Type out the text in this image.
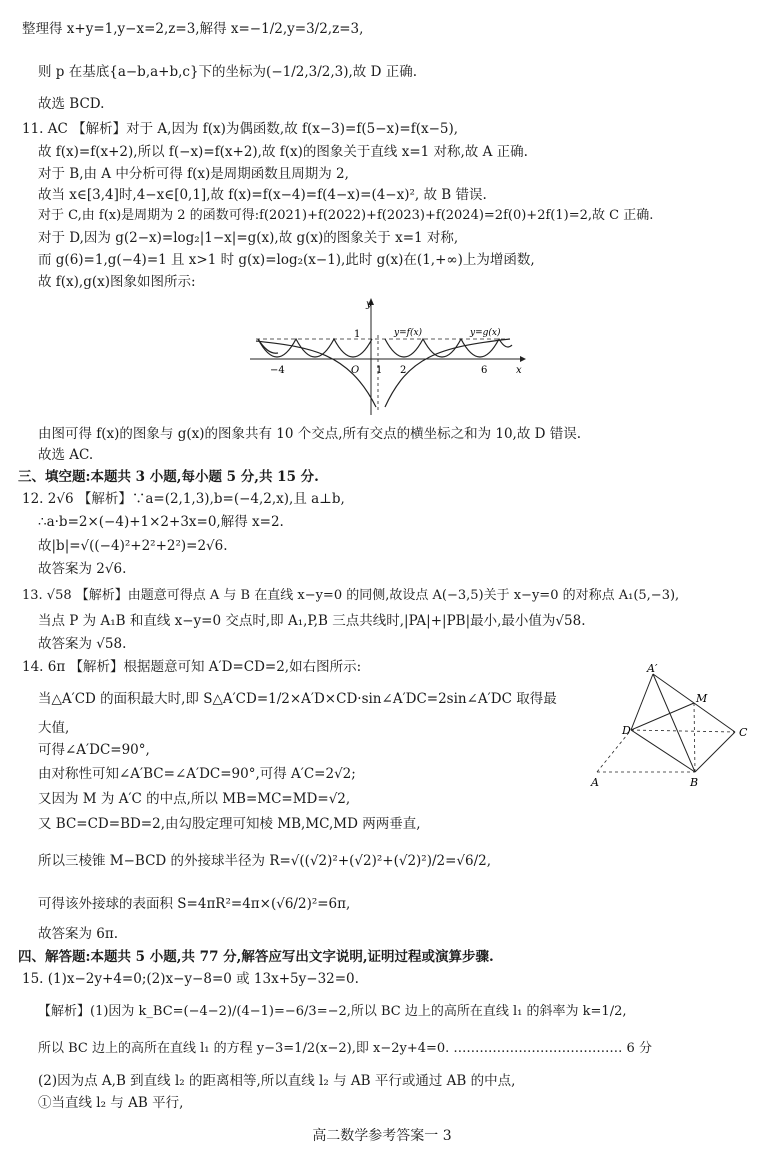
整理得 x+y=1,y−x=2,z=3,解得 x=−1/2,y=3/2,z=3,
则 p 在基底{a−b,a+b,c}下的坐标为(−1/2,3/2,3),故 D 正确.
故选 BCD.
11. AC 【解析】对于 A,因为 f(x)为偶函数,故 f(x−3)=f(5−x)=f(x−5),
故 f(x)=f(x+2),所以 f(−x)=f(x+2),故 f(x)的图象关于直线 x=1 对称,故 A 正确.
对于 B,由 A 中分析可得 f(x)是周期函数且周期为 2,
故当 x∈[3,4]时,4−x∈[0,1],故 f(x)=f(x−4)=f(4−x)=(4−x)², 故 B 错误.
对于 C,由 f(x)是周期为 2 的函数可得:f(2021)+f(2022)+f(2023)+f(2024)=2f(0)+2f(1)=2,故 C 正确.
对于 D,因为 g(2−x)=log₂|1−x|=g(x),故 g(x)的图象关于 x=1 对称,
而 g(6)=1,g(−4)=1 且 x>1 时 g(x)=log₂(x−1),此时 g(x)在(1,+∞)上为增函数,
故 f(x),g(x)图象如图所示:
y
x
y=f(x)	y=g(x)
1
O
−4	1 2	6
由图可得 f(x)的图象与 g(x)的图象共有 10 个交点,所有交点的横坐标之和为 10,故 D 错误.
故选 AC.
三、填空题:本题共 3 小题,每小题 5 分,共 15 分.
12. 2√6 【解析】∵a=(2,1,3),b=(−4,2,x),且 a⊥b,
∴a·b=2×(−4)+1×2+3x=0,解得 x=2.
故|b|=√((−4)²+2²+2²)=2√6.
故答案为 2√6.
13. √58 【解析】由题意可得点 A 与 B 在直线 x−y=0 的同侧,故设点 A(−3,5)关于 x−y=0 的对称点 A₁(5,−3),
当点 P 为 A₁B 和直线 x−y=0 交点时,即 A₁,P,B 三点共线时,|PA|+|PB|最小,最小值为√58.
故答案为 √58.
14. 6π 【解析】根据题意可知 A′D=CD=2,如右图所示:
当△A′CD 的面积最大时,即 S△A′CD=1/2×A′D×CD·sin∠A′DC=2sin∠A′DC 取得最
大值,
可得∠A′DC=90°,
由对称性可知∠A′BC=∠A′DC=90°,可得 A′C=2√2;
又因为 M 为 A′C 的中点,所以 MB=MC=MD=√2,
又 BC=CD=BD=2,由勾股定理可知棱 MB,MC,MD 两两垂直,
A′
M
D	C
A	B
所以三棱锥 M−BCD 的外接球半径为 R=√((√2)²+(√2)²+(√2)²)/2=√6/2,
可得该外接球的表面积 S=4πR²=4π×(√6/2)²=6π,
故答案为 6π.
四、解答题:本题共 5 小题,共 77 分,解答应写出文字说明,证明过程或演算步骤.
15. (1)x−2y+4=0;(2)x−y−8=0 或 13x+5y−32=0.
【解析】(1)因为 k_BC=(−4−2)/(4−1)=−6/3=−2,所以 BC 边上的高所在直线 l₁ 的斜率为 k=1/2,
所以 BC 边上的高所在直线 l₁ 的方程 y−3=1/2(x−2),即 x−2y+4=0. ………………………………… 6 分
(2)因为点 A,B 到直线 l₂ 的距离相等,所以直线 l₂ 与 AB 平行或通过 AB 的中点,
①当直线 l₂ 与 AB 平行,
高二数学参考答案一 3
